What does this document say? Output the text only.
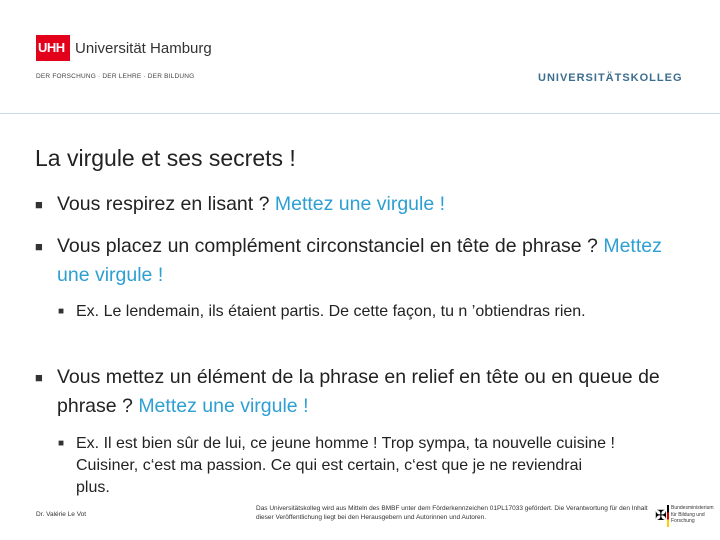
UHH Universität Hamburg
DER FORSCHUNG · DER LEHRE · DER BILDUNG	UNIVERSITÄTSKOLLEG
La virgule et ses secrets !
■ Vous respirez en lisant ? Mettez une virgule !
■ Vous placez un complément circonstanciel en tête de phrase ? Mettez une virgule !
■ Ex. Le lendemain, ils étaient partis. De cette façon, tu n ’obtiendras rien.
■ Vous mettez un élément de la phrase en relief en tête ou en queue de phrase ? Mettez une virgule !
■ Ex. Il est bien sûr de lui, ce jeune homme ! Trop sympa, ta nouvelle cuisine ! Cuisiner, c‘est ma passion. Ce qui est certain, c‘est que je ne reviendrai plus.
Dr. Valérie Le Vot
Das Universitätskolleg wird aus Mitteln des BMBF unter dem Förderkennzeichen 01PL17033 gefördert. Die Verantwortung für den Inhalt dieser Veröffentlichung liegt bei den Herausgebern und Autorinnen und Autoren.	✠ Bundesministerium für Bildung und Forschung
